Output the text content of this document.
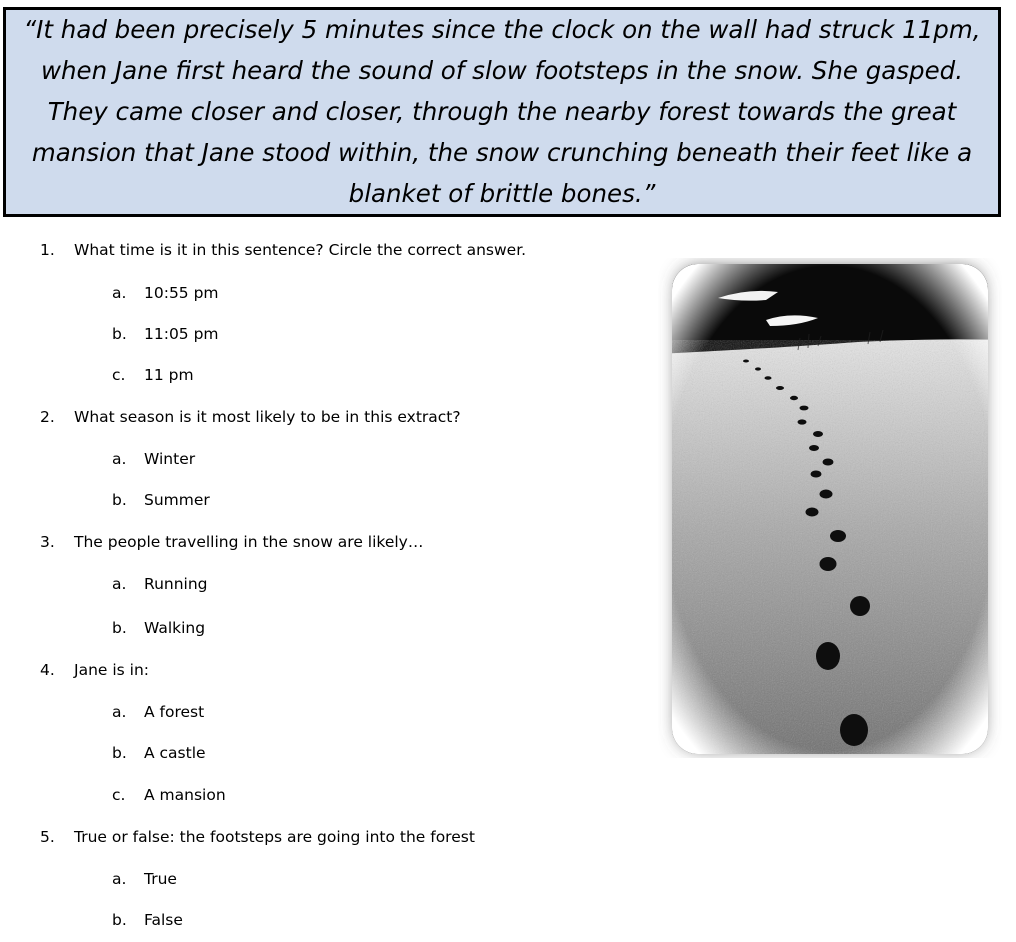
“It had been precisely 5 minutes since the clock on the wall had struck 11pm,
when Jane first heard the sound of slow footsteps in the snow. She gasped.
They came closer and closer, through the nearby forest towards the great
mansion that Jane stood within, the snow crunching beneath their feet like a
blanket of brittle bones.”
1. What time is it in this sentence? Circle the correct answer.
a. 10:55 pm
b. 11:05 pm
c. 11 pm
2. What season is it most likely to be in this extract?
a. Winter
b. Summer
3. The people travelling in the snow are likely…
a. Running
b. Walking
4. Jane is in:
a. A forest
b. A castle
c. A mansion
5. True or false: the footsteps are going into the forest
a. True
b. False
